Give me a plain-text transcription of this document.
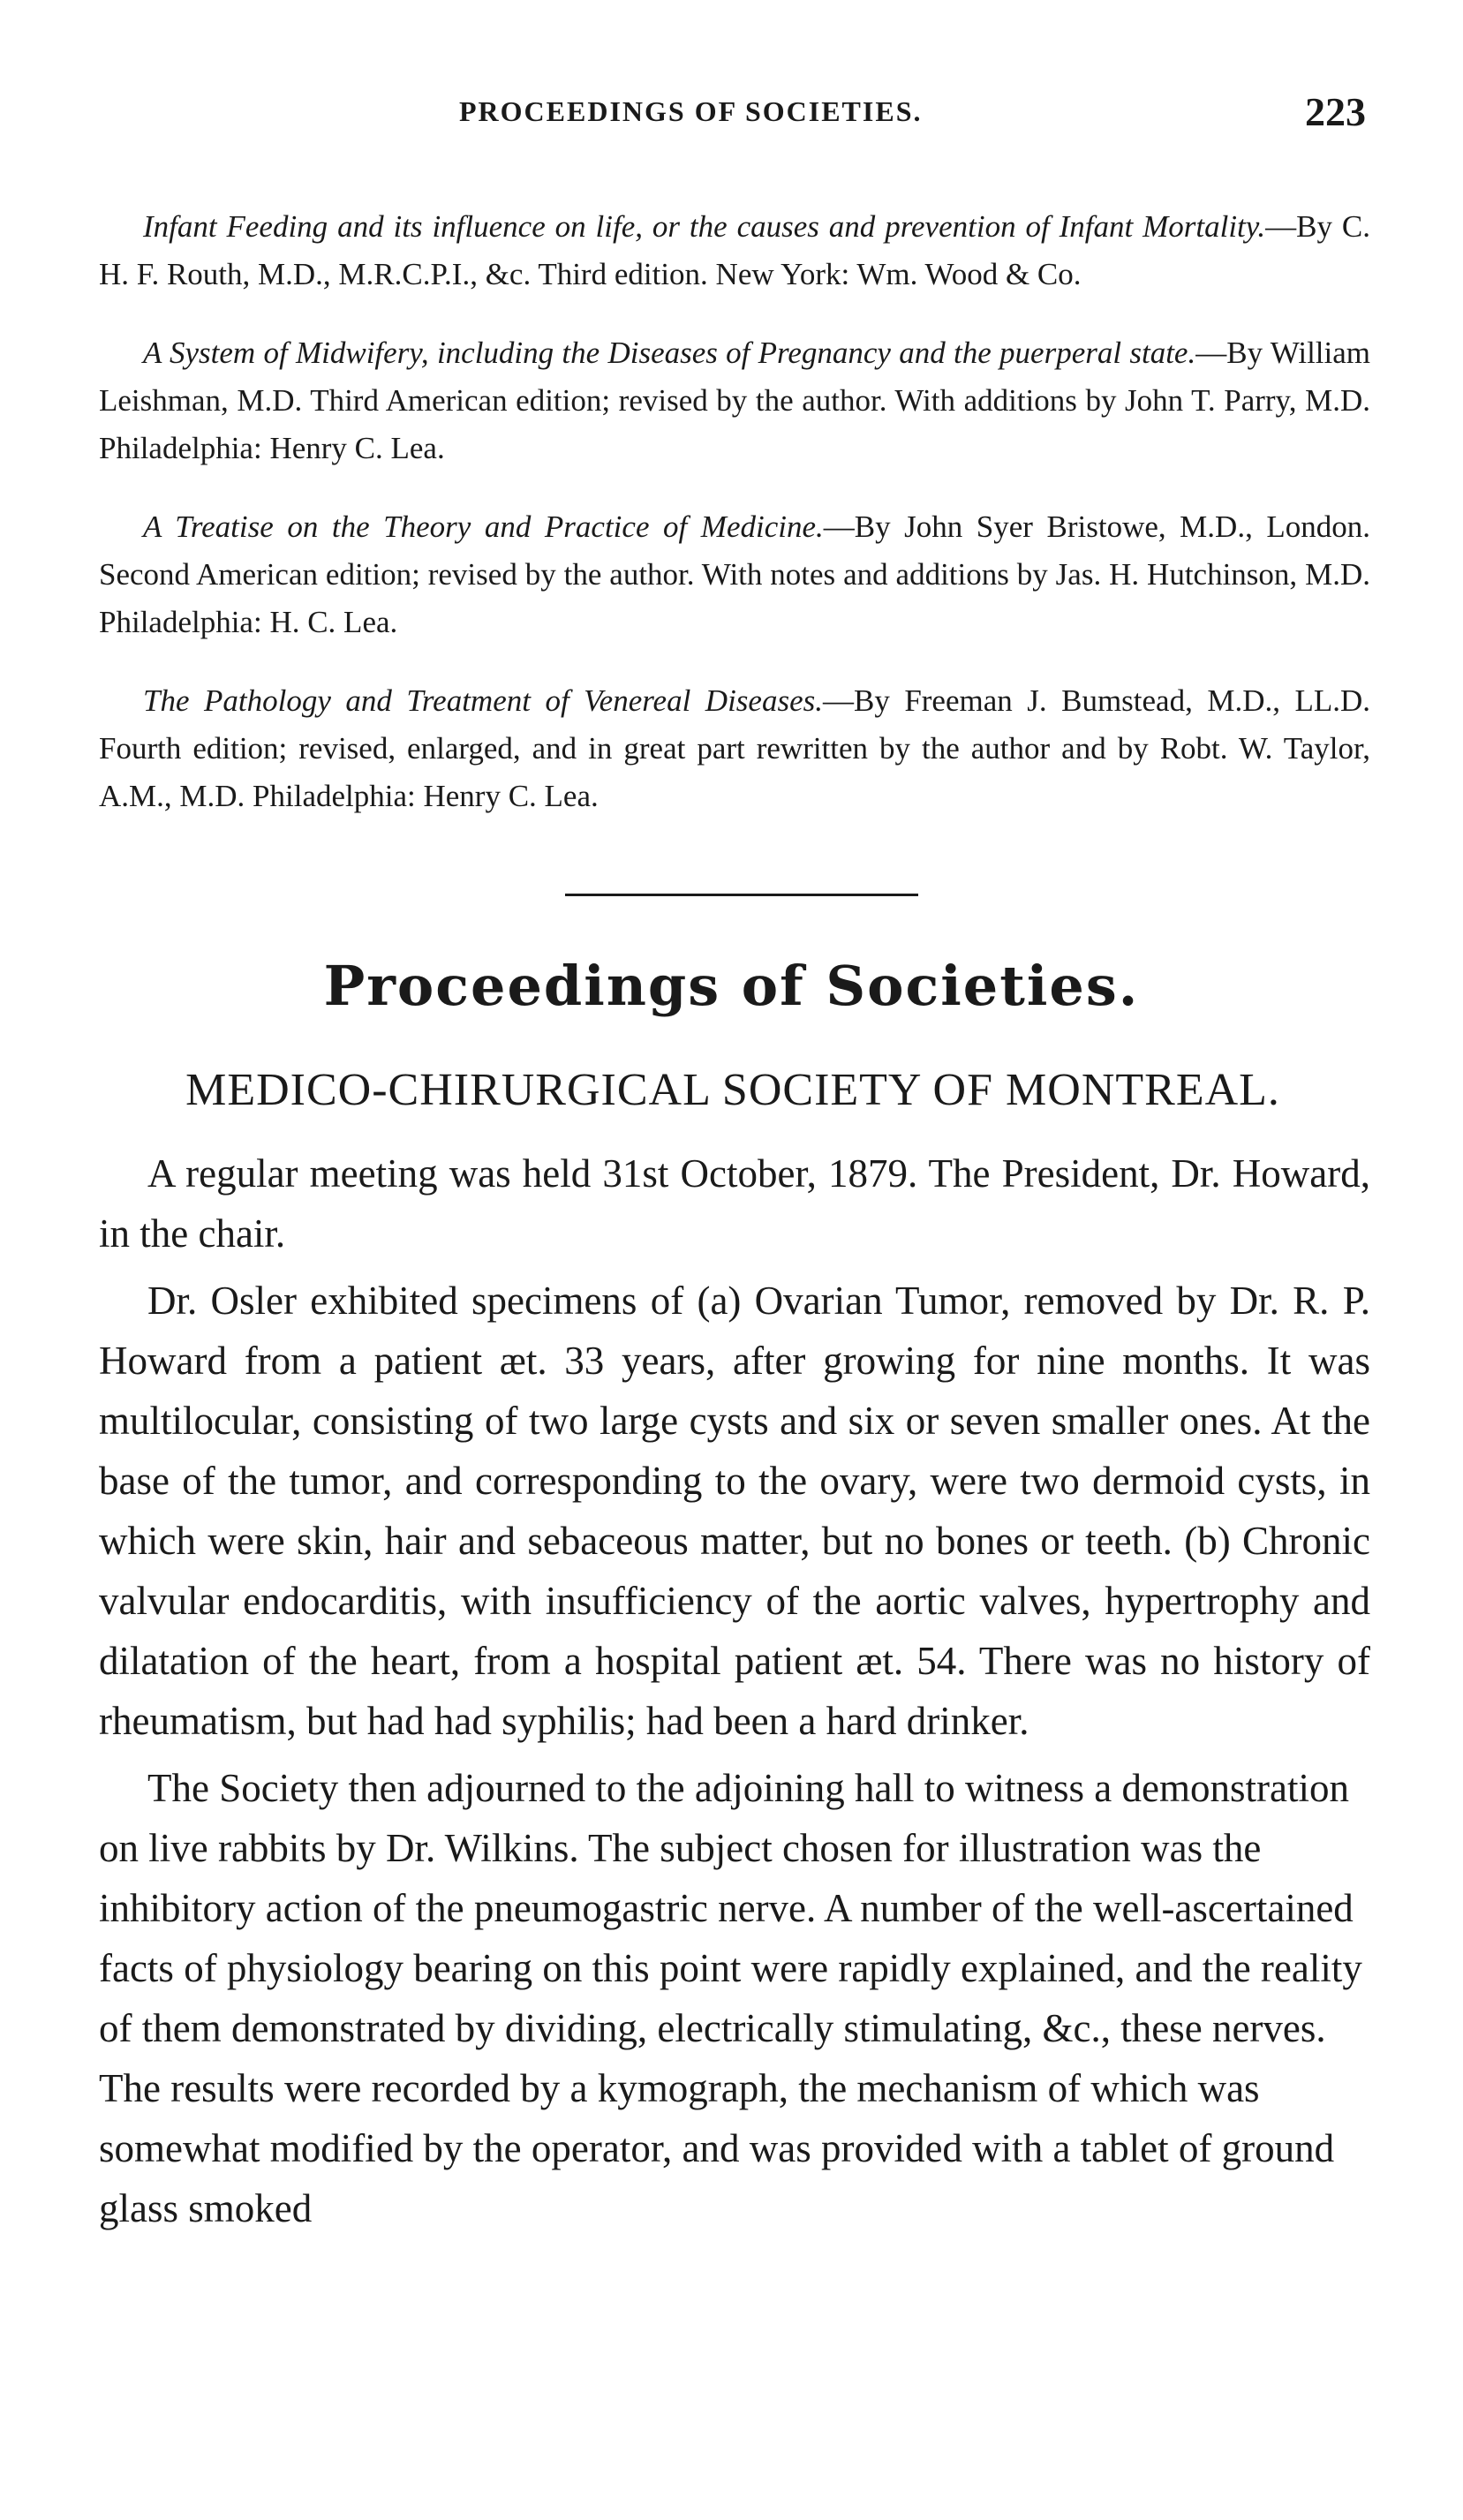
PROCEEDINGS OF SOCIETIES.	223

Infant Feeding and its influence on life, or the causes and prevention of Infant Mortality.—By C. H. F. Routh, M.D., M.R.C.P.I., &c. Third edition. New York: Wm. Wood & Co.

A System of Midwifery, including the Diseases of Pregnancy and the puerperal state.—By William Leishman, M.D. Third American edition; revised by the author. With additions by John T. Parry, M.D. Philadelphia: Henry C. Lea.

A Treatise on the Theory and Practice of Medicine.—By John Syer Bristowe, M.D., London. Second American edition; revised by the author. With notes and additions by Jas. H. Hutchinson, M.D. Philadelphia: H. C. Lea.

The Pathology and Treatment of Venereal Diseases.—By Freeman J. Bumstead, M.D., LL.D. Fourth edition; revised, enlarged, and in great part rewritten by the author and by Robt. W. Taylor, A.M., M.D. Philadelphia: Henry C. Lea.

Proceedings of Societies.
MEDICO-CHIRURGICAL SOCIETY OF MONTREAL.

A regular meeting was held 31st October, 1879. The President, Dr. Howard, in the chair.

Dr. Osler exhibited specimens of (a) Ovarian Tumor, removed by Dr. R. P. Howard from a patient æt. 33 years, after growing for nine months. It was multilocular, consisting of two large cysts and six or seven smaller ones. At the base of the tumor, and corresponding to the ovary, were two dermoid cysts, in which were skin, hair and sebaceous matter, but no bones or teeth. (b) Chronic valvular endocarditis, with insufficiency of the aortic valves, hypertrophy and dilatation of the heart, from a hospital patient æt. 54. There was no history of rheumatism, but had had syphilis; had been a hard drinker.

The Society then adjourned to the adjoining hall to witness a demonstration on live rabbits by Dr. Wilkins. The subject chosen for illustration was the inhibitory action of the pneumogastric nerve. A number of the well-ascertained facts of physiology bearing on this point were rapidly explained, and the reality of them demonstrated by dividing, electrically stimulating, &c., these nerves. The results were recorded by a kymograph, the mechanism of which was somewhat modified by the operator, and was provided with a tablet of ground glass smoked
